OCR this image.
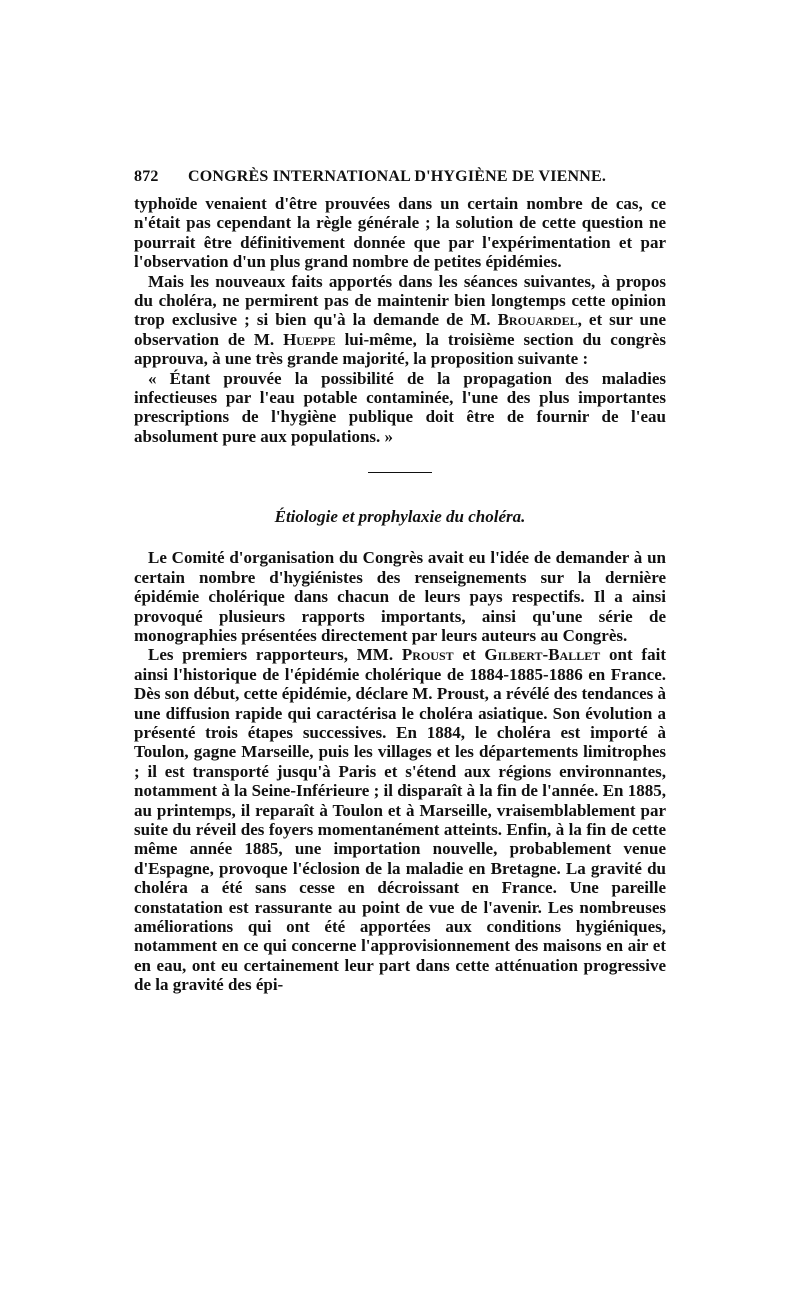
872	CONGRÈS INTERNATIONAL D'HYGIÈNE DE VIENNE.

typhoïde venaient d'être prouvées dans un certain nombre de cas, ce n'était pas cependant la règle générale ; la solution de cette question ne pourrait être définitivement donnée que par l'expérimentation et par l'observation d'un plus grand nombre de petites épidémies.

Mais les nouveaux faits apportés dans les séances suivantes, à propos du choléra, ne permirent pas de maintenir bien longtemps cette opinion trop exclusive ; si bien qu'à la demande de M. Brouardel, et sur une observation de M. Hueppe lui-même, la troisième section du congrès approuva, à une très grande majorité, la proposition suivante :

« Étant prouvée la possibilité de la propagation des maladies infectieuses par l'eau potable contaminée, l'une des plus importantes prescriptions de l'hygiène publique doit être de fournir de l'eau absolument pure aux populations. »

Étiologie et prophylaxie du choléra.

Le Comité d'organisation du Congrès avait eu l'idée de demander à un certain nombre d'hygiénistes des renseignements sur la dernière épidémie cholérique dans chacun de leurs pays respectifs. Il a ainsi provoqué plusieurs rapports importants, ainsi qu'une série de monographies présentées directement par leurs auteurs au Congrès.

Les premiers rapporteurs, MM. Proust et Gilbert-Ballet ont fait ainsi l'historique de l'épidémie cholérique de 1884-1885-1886 en France. Dès son début, cette épidémie, déclare M. Proust, a révélé des tendances à une diffusion rapide qui caractérisa le choléra asiatique. Son évolution a présenté trois étapes successives. En 1884, le choléra est importé à Toulon, gagne Marseille, puis les villages et les départements limitrophes ; il est transporté jusqu'à Paris et s'étend aux régions environnantes, notamment à la Seine-Inférieure ; il disparaît à la fin de l'année. En 1885, au printemps, il reparaît à Toulon et à Marseille, vraisemblablement par suite du réveil des foyers momentanément atteints. Enfin, à la fin de cette même année 1885, une importation nouvelle, probablement venue d'Espagne, provoque l'éclosion de la maladie en Bretagne. La gravité du choléra a été sans cesse en décroissant en France. Une pareille constatation est rassurante au point de vue de l'avenir. Les nombreuses améliorations qui ont été apportées aux conditions hygiéniques, notamment en ce qui concerne l'approvisionnement des maisons en air et en eau, ont eu certainement leur part dans cette atténuation progressive de la gravité des épi-
